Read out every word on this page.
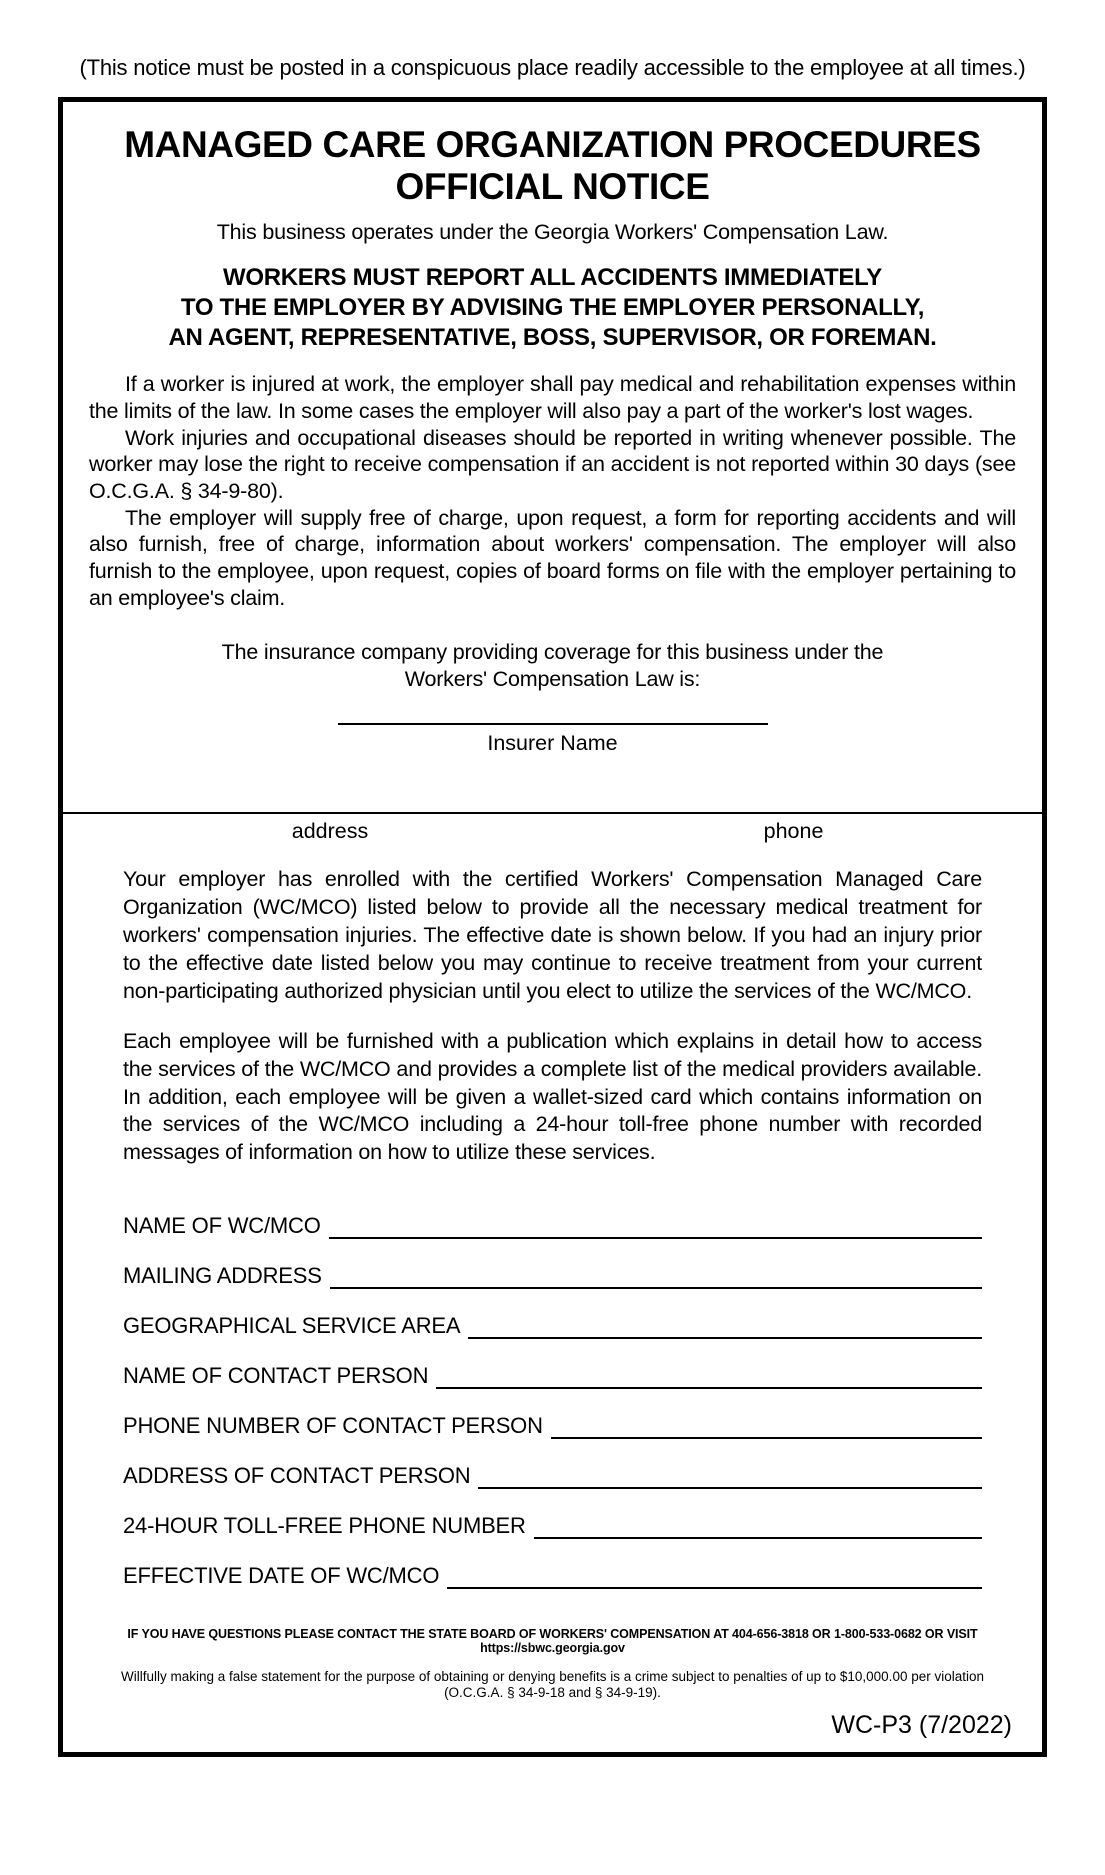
(This notice must be posted in a conspicuous place readily accessible to the employee at all times.)
MANAGED CARE ORGANIZATION PROCEDURES
OFFICIAL NOTICE
This business operates under the Georgia Workers' Compensation Law.
WORKERS MUST REPORT ALL ACCIDENTS IMMEDIATELY
TO THE EMPLOYER BY ADVISING THE EMPLOYER PERSONALLY,
AN AGENT, REPRESENTATIVE, BOSS, SUPERVISOR, OR FOREMAN.

If a worker is injured at work, the employer shall pay medical and rehabilitation expenses within the limits of the law. In some cases the employer will also pay a part of the worker's lost wages.

Work injuries and occupational diseases should be reported in writing whenever possible. The worker may lose the right to receive compensation if an accident is not reported within 30 days (see O.C.G.A. § 34-9-80).

The employer will supply free of charge, upon request, a form for reporting accidents and will also furnish, free of charge, information about workers' compensation. The employer will also furnish to the employee, upon request, copies of board forms on file with the employer pertaining to an employee's claim.

The insurance company providing coverage for this business under the
Workers' Compensation Law is:
Insurer Name
address	phone

Your employer has enrolled with the certified Workers' Compensation Managed Care Organization (WC/MCO) listed below to provide all the necessary medical treatment for workers' compensation injuries. The effective date is shown below. If you had an injury prior to the effective date listed below you may continue to receive treatment from your current non-participating authorized physician until you elect to utilize the services of the WC/MCO.

Each employee will be furnished with a publication which explains in detail how to access the services of the WC/MCO and provides a complete list of the medical providers available. In addition, each employee will be given a wallet-sized card which contains information on the services of the WC/MCO including a 24-hour toll-free phone number with recorded messages of information on how to utilize these services.

NAME OF WC/MCO
MAILING ADDRESS
GEOGRAPHICAL SERVICE AREA
NAME OF CONTACT PERSON
PHONE NUMBER OF CONTACT PERSON
ADDRESS OF CONTACT PERSON
24-HOUR TOLL-FREE PHONE NUMBER
EFFECTIVE DATE OF WC/MCO
IF YOU HAVE QUESTIONS PLEASE CONTACT THE STATE BOARD OF WORKERS' COMPENSATION AT 404-656-3818 OR 1-800-533-0682 OR VISIT https://sbwc.georgia.gov
Willfully making a false statement for the purpose of obtaining or denying benefits is a crime subject to penalties of up to $10,000.00 per violation
(O.C.G.A. § 34-9-18 and § 34-9-19).
WC-P3 (7/2022)
